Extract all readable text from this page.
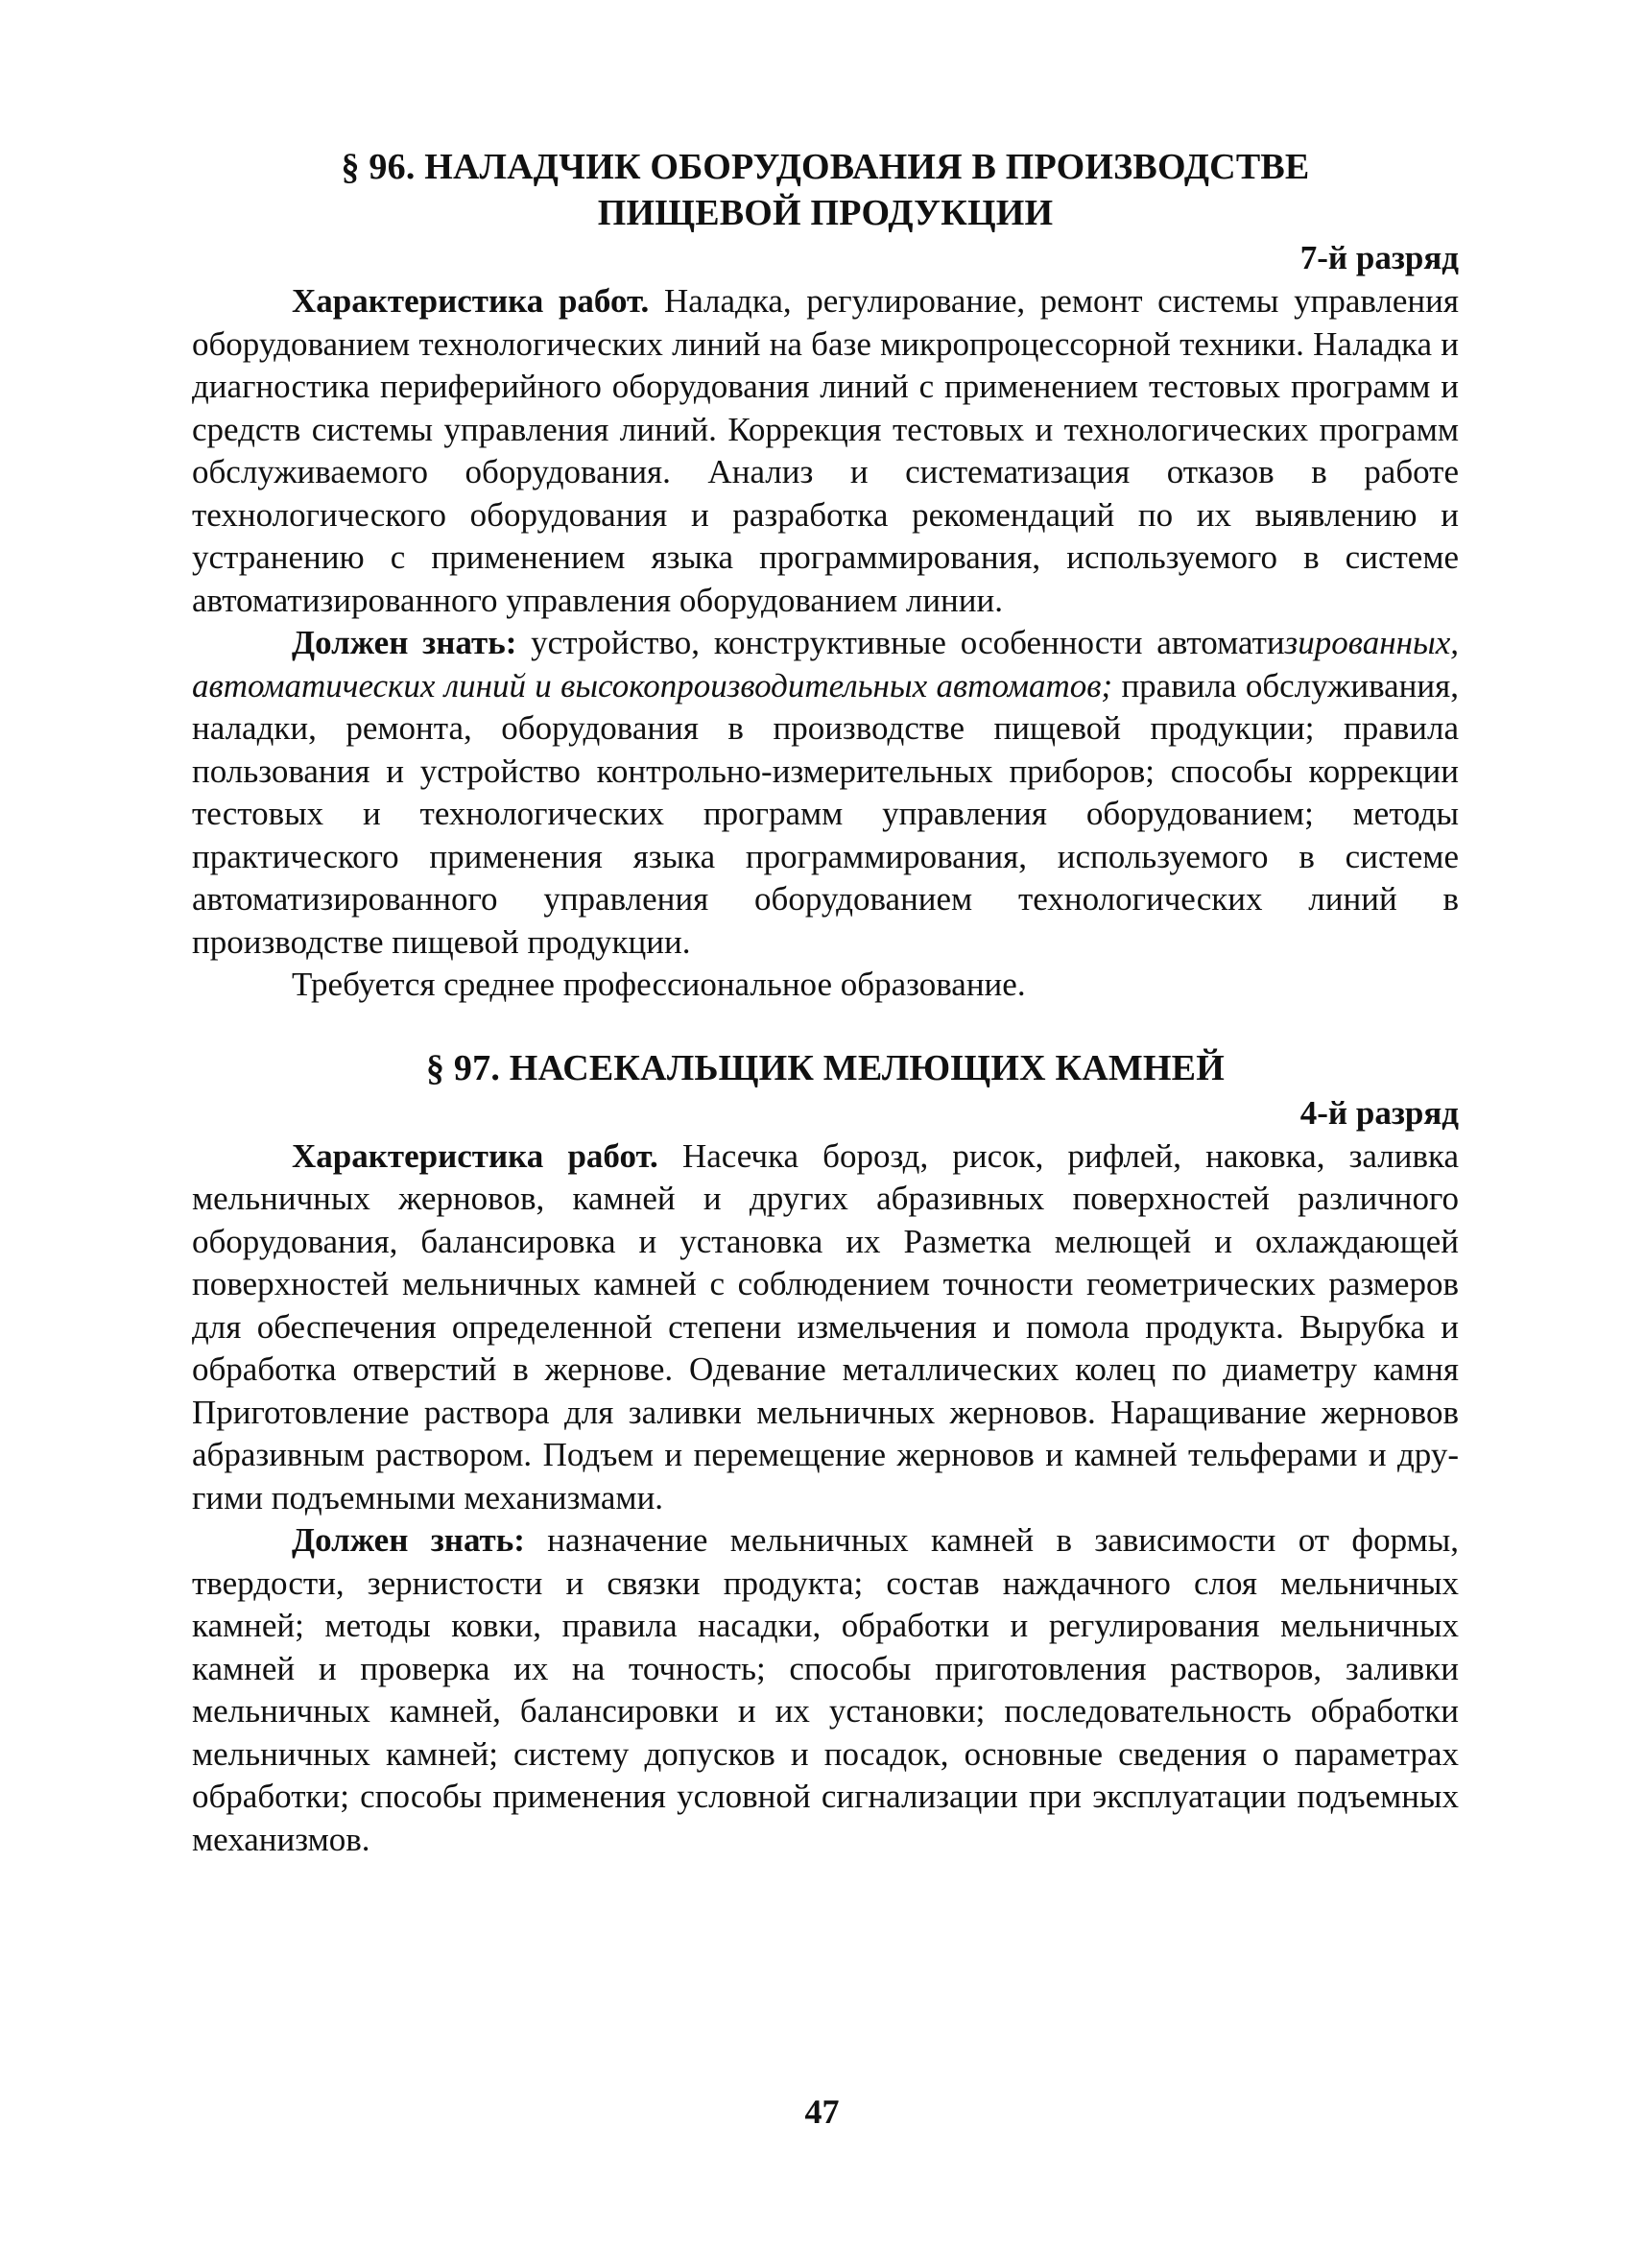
§ 96. НАЛАДЧИК ОБОРУДОВАНИЯ В ПРОИЗВОДСТВЕ

ПИЩЕВОЙ ПРОДУКЦИИ

7-й разряд

Характеристика работ. Наладка, регулирование, ремонт системы управления оборудованием технологических линий на базе микропроцессорной техники. Наладка и диагностика периферийного оборудования линий с применением тестовых программ и средств системы управления линий. Коррекция тестовых и технологических программ обслуживаемого оборудования. Анализ и систематизация отказов в работе технологического оборудования и разработка рекомендаций по их выявлению и устранению с применением языка программирования, используемого в системе автоматизированного управления оборудованием линии.

Должен знать: устройство, конструктивные особенности автоматизированных, автоматических линий и высокопроизводительных автоматов; правила обслуживания, наладки, ремонта, оборудования в производстве пищевой продукции; правила пользования и устройство контрольно-измерительных приборов; способы коррекции тестовых и технологических программ управления оборудованием; методы практического применения языка программирования, используемого в системе автоматизированного управления оборудованием технологических линий в производстве пищевой продукции.

Требуется среднее профессиональное образование.

§ 97. НАСЕКАЛЬЩИК МЕЛЮЩИХ КАМНЕЙ

4-й разряд

Характеристика работ. Насечка борозд, рисок, рифлей, наковка, заливка мельничных жерновов, камней и других абразивных поверхностей различного оборудования, балансировка и установка их Разметка мелющей и охлаждающей поверхностей мельничных камней с соблюдением точности геометрических размеров для обеспечения определенной степени измельчения и помола продукта. Вырубка и обработка отверстий в жернове. Одевание металлических колец по диаметру камня Приготовление раствора для заливки мельничных жерновов. Наращивание жерновов абразивным раствором. Подъем и перемещение жерновов и камней тельферами и другими подъемными механизмами.

Должен знать: назначение мельничных камней в зависимости от формы, твердости, зернистости и связки продукта; состав наждачного слоя мельничных камней; методы ковки, правила насадки, обработки и регулирования мельничных камней и проверка их на точность; способы приготовления растворов, заливки мельничных камней, балансировки и их установки; последовательность обработки мельничных камней; систему допусков и посадок, основные сведения о параметрах обработки; способы применения условной сигнализации при эксплуатации подъемных механизмов.

47
